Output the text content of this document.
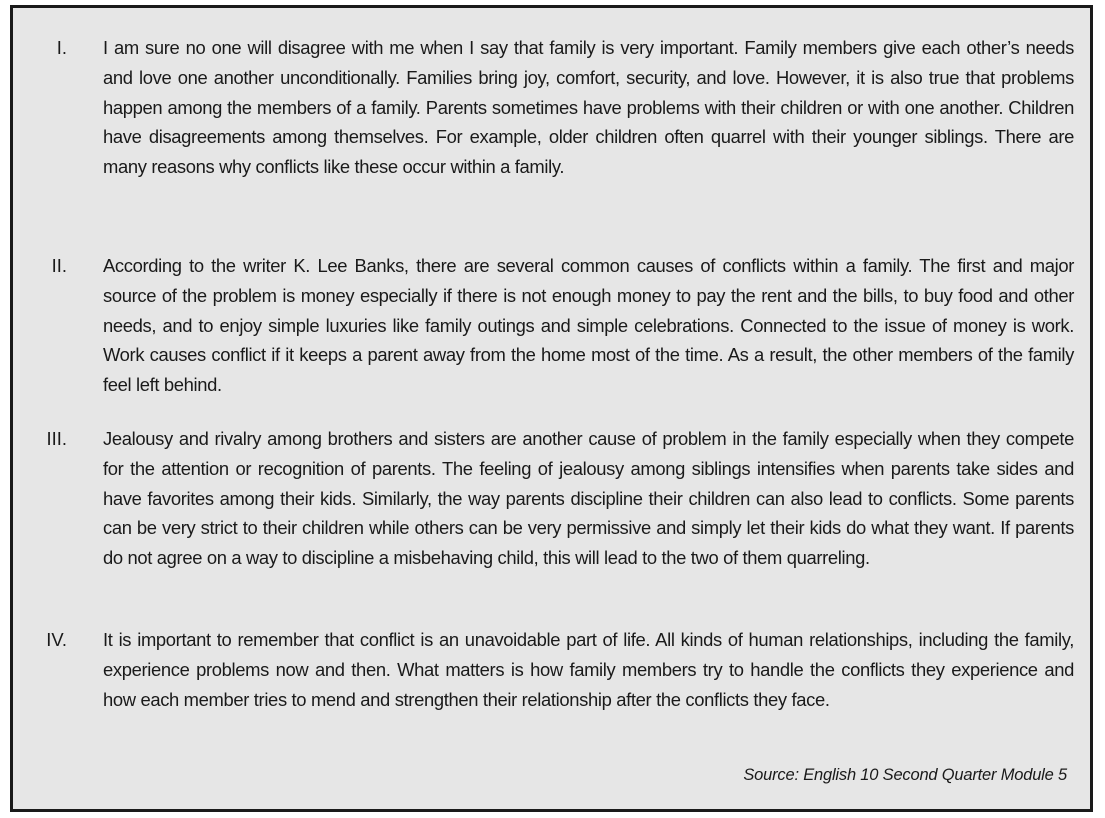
I. I am sure no one will disagree with me when I say that family is very important. Family members give each other’s needs and love one another unconditionally. Families bring joy, comfort, security, and love. However, it is also true that problems happen among the members of a family. Parents sometimes have problems with their children or with one another. Children have disagreements among themselves. For example, older children often quarrel with their younger siblings. There are many reasons why conflicts like these occur within a family.
II. According to the writer K. Lee Banks, there are several common causes of conflicts within a family. The first and major source of the problem is money especially if there is not enough money to pay the rent and the bills, to buy food and other needs, and to enjoy simple luxuries like family outings and simple celebrations. Connected to the issue of money is work. Work causes conflict if it keeps a parent away from the home most of the time. As a result, the other members of the family feel left behind.
III. Jealousy and rivalry among brothers and sisters are another cause of problem in the family especially when they compete for the attention or recognition of parents. The feeling of jealousy among siblings intensifies when parents take sides and have favorites among their kids. Similarly, the way parents discipline their children can also lead to conflicts. Some parents can be very strict to their children while others can be very permissive and simply let their kids do what they want. If parents do not agree on a way to discipline a misbehaving child, this will lead to the two of them quarreling.
IV. It is important to remember that conflict is an unavoidable part of life. All kinds of human relationships, including the family, experience problems now and then. What matters is how family members try to handle the conflicts they experience and how each member tries to mend and strengthen their relationship after the conflicts they face.
Source: English 10 Second Quarter Module 5
